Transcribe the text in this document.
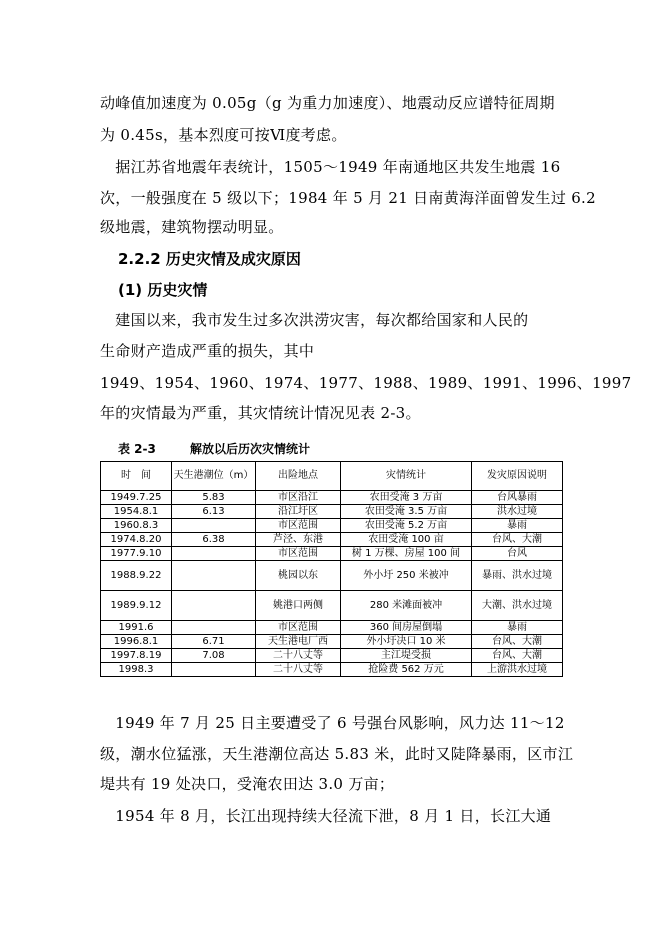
动峰值加速度为 0.05g（g 为重力加速度）、地震动反应谱特征周期
为 0.45s，基本烈度可按Ⅵ度考虑。
　据江苏省地震年表统计，1505～1949 年南通地区共发生地震 16
次，一般强度在 5 级以下；1984 年 5 月 21 日南黄海洋面曾发生过 6.2
级地震，建筑物摆动明显。
2.2.2 历史灾情及成灾原因
(1) 历史灾情
　建国以来，我市发生过多次洪涝灾害，每次都给国家和人民的
生命财产造成严重的损失，其中
1949、1954、1960、1974、1977、1988、1989、1991、1996、1997
年的灾情最为严重，其灾情统计情况见表 2-3。
表 2-3	解放以后历次灾情统计
时　间	天生港潮位（m）	出险地点	灾情统计	发灾原因说明
1949.7.25	5.83	市区沿江	农田受淹 3 万亩	台风暴雨
1954.8.1	6.13	沿江圩区	农田受淹 3.5 万亩	洪水过境
1960.8.3		市区范围	农田受淹 5.2 万亩	暴雨
1974.8.20	6.38	芦泾、东港	农田受淹 100 亩	台风、大潮
1977.9.10		市区范围	树 1 万棵、房屋 100 间	台风
1988.9.22		桃园以东	外小圩 250 米被冲	暴雨、洪水过境
1989.9.12		姚港口两侧	280 米滩面被冲	大潮、洪水过境
1991.6		市区范围	360 间房屋倒塌	暴雨
1996.8.1	6.71	天生港电厂西	外小圩决口 10 米	台风、大潮
1997.8.19	7.08	二十八丈等	主江堤受损	台风、大潮
1998.3		二十八丈等	抢险费 562 万元	上游洪水过境
　1949 年 7 月 25 日主要遭受了 6 号强台风影响，风力达 11～12
级，潮水位猛涨，天生港潮位高达 5.83 米，此时又陡降暴雨，区市江
堤共有 19 处决口，受淹农田达 3.0 万亩；
　1954 年 8 月，长江出现持续大径流下泄，8 月 1 日，长江大通
